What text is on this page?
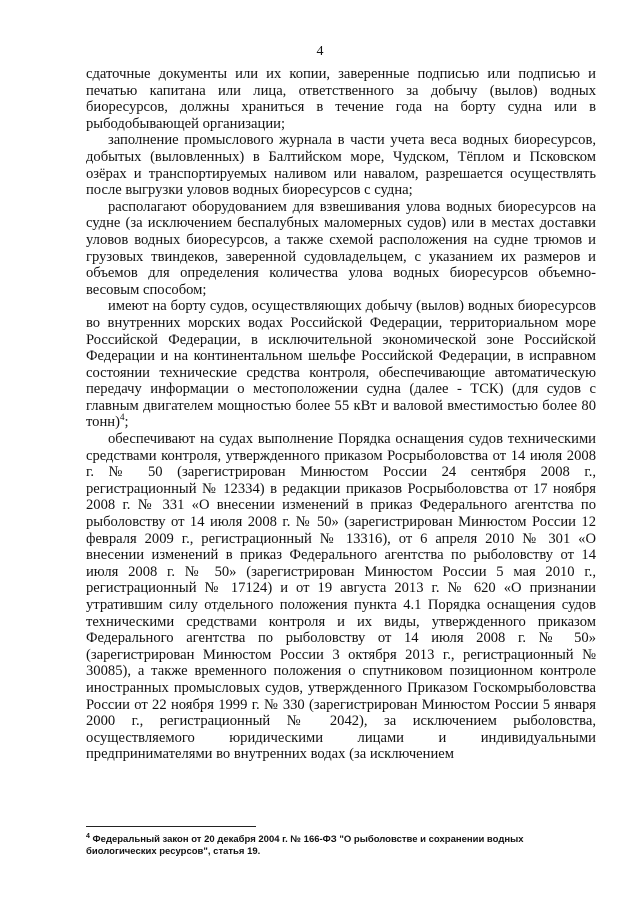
4

сдаточные документы или их копии, заверенные подписью или подписью и печатью капитана или лица, ответственного за добычу (вылов) водных биоресурсов, должны храниться в течение года на борту судна или в рыбодобывающей организации;

заполнение промыслового журнала в части учета веса водных биоресурсов, добытых (выловленных) в Балтийском море, Чудском, Тёплом и Псковском озёрах и транспортируемых наливом или навалом, разрешается осуществлять после выгрузки уловов водных биоресурсов с судна;

располагают оборудованием для взвешивания улова водных биоресурсов на судне (за исключением беспалубных маломерных судов) или в местах доставки уловов водных биоресурсов, а также схемой расположения на судне трюмов и грузовых твиндеков, заверенной судовладельцем, с указанием их размеров и объемов для определения количества улова водных биоресурсов объемно-весовым способом;

имеют на борту судов, осуществляющих добычу (вылов) водных биоресурсов во внутренних морских водах Российской Федерации, территориальном море Российской Федерации, в исключительной экономической зоне Российской Федерации и на континентальном шельфе Российской Федерации, в исправном состоянии технические средства контроля, обеспечивающие автоматическую передачу информации о местоположении судна (далее - ТСК) (для судов с главным двигателем мощностью более 55 кВт и валовой вместимостью более 80 тонн)$^4$;

обеспечивают на судах выполнение Порядка оснащения судов техническими средствами контроля, утвержденного приказом Росрыболовства от 14 июля 2008 г. № 50 (зарегистрирован Минюстом России 24 сентября 2008 г., регистрационный № 12334) в редакции приказов Росрыболовства от 17 ноября 2008 г. № 331 «О внесении изменений в приказ Федерального агентства по рыболовству от 14 июля 2008 г. № 50» (зарегистрирован Минюстом России 12 февраля 2009 г., регистрационный № 13316), от 6 апреля 2010 № 301 «О внесении изменений в приказ Федерального агентства по рыболовству от 14 июля 2008 г. № 50» (зарегистрирован Минюстом России 5 мая 2010 г., регистрационный № 17124) и от 19 августа 2013 г. № 620 «О признании утратившим силу отдельного положения пункта 4.1 Порядка оснащения судов техническими средствами контроля и их виды, утвержденного приказом Федерального агентства по рыболовству от 14 июля 2008 г. № 50» (зарегистрирован Минюстом России 3 октября 2013 г., регистрационный № 30085), а также временного положения о спутниковом позиционном контроле иностранных промысловых судов, утвержденного Приказом Госкомрыболовства России от 22 ноября 1999 г. № 330 (зарегистрирован Минюстом России 5 января 2000 г., регистрационный № 2042), за исключением рыболовства, осуществляемого юридическими лицами и индивидуальными предпринимателями во внутренних водах (за исключением

$^4$ Федеральный закон от 20 декабря 2004 г. № 166-ФЗ "О рыболовстве и сохранении водных биологических ресурсов", статья 19.
